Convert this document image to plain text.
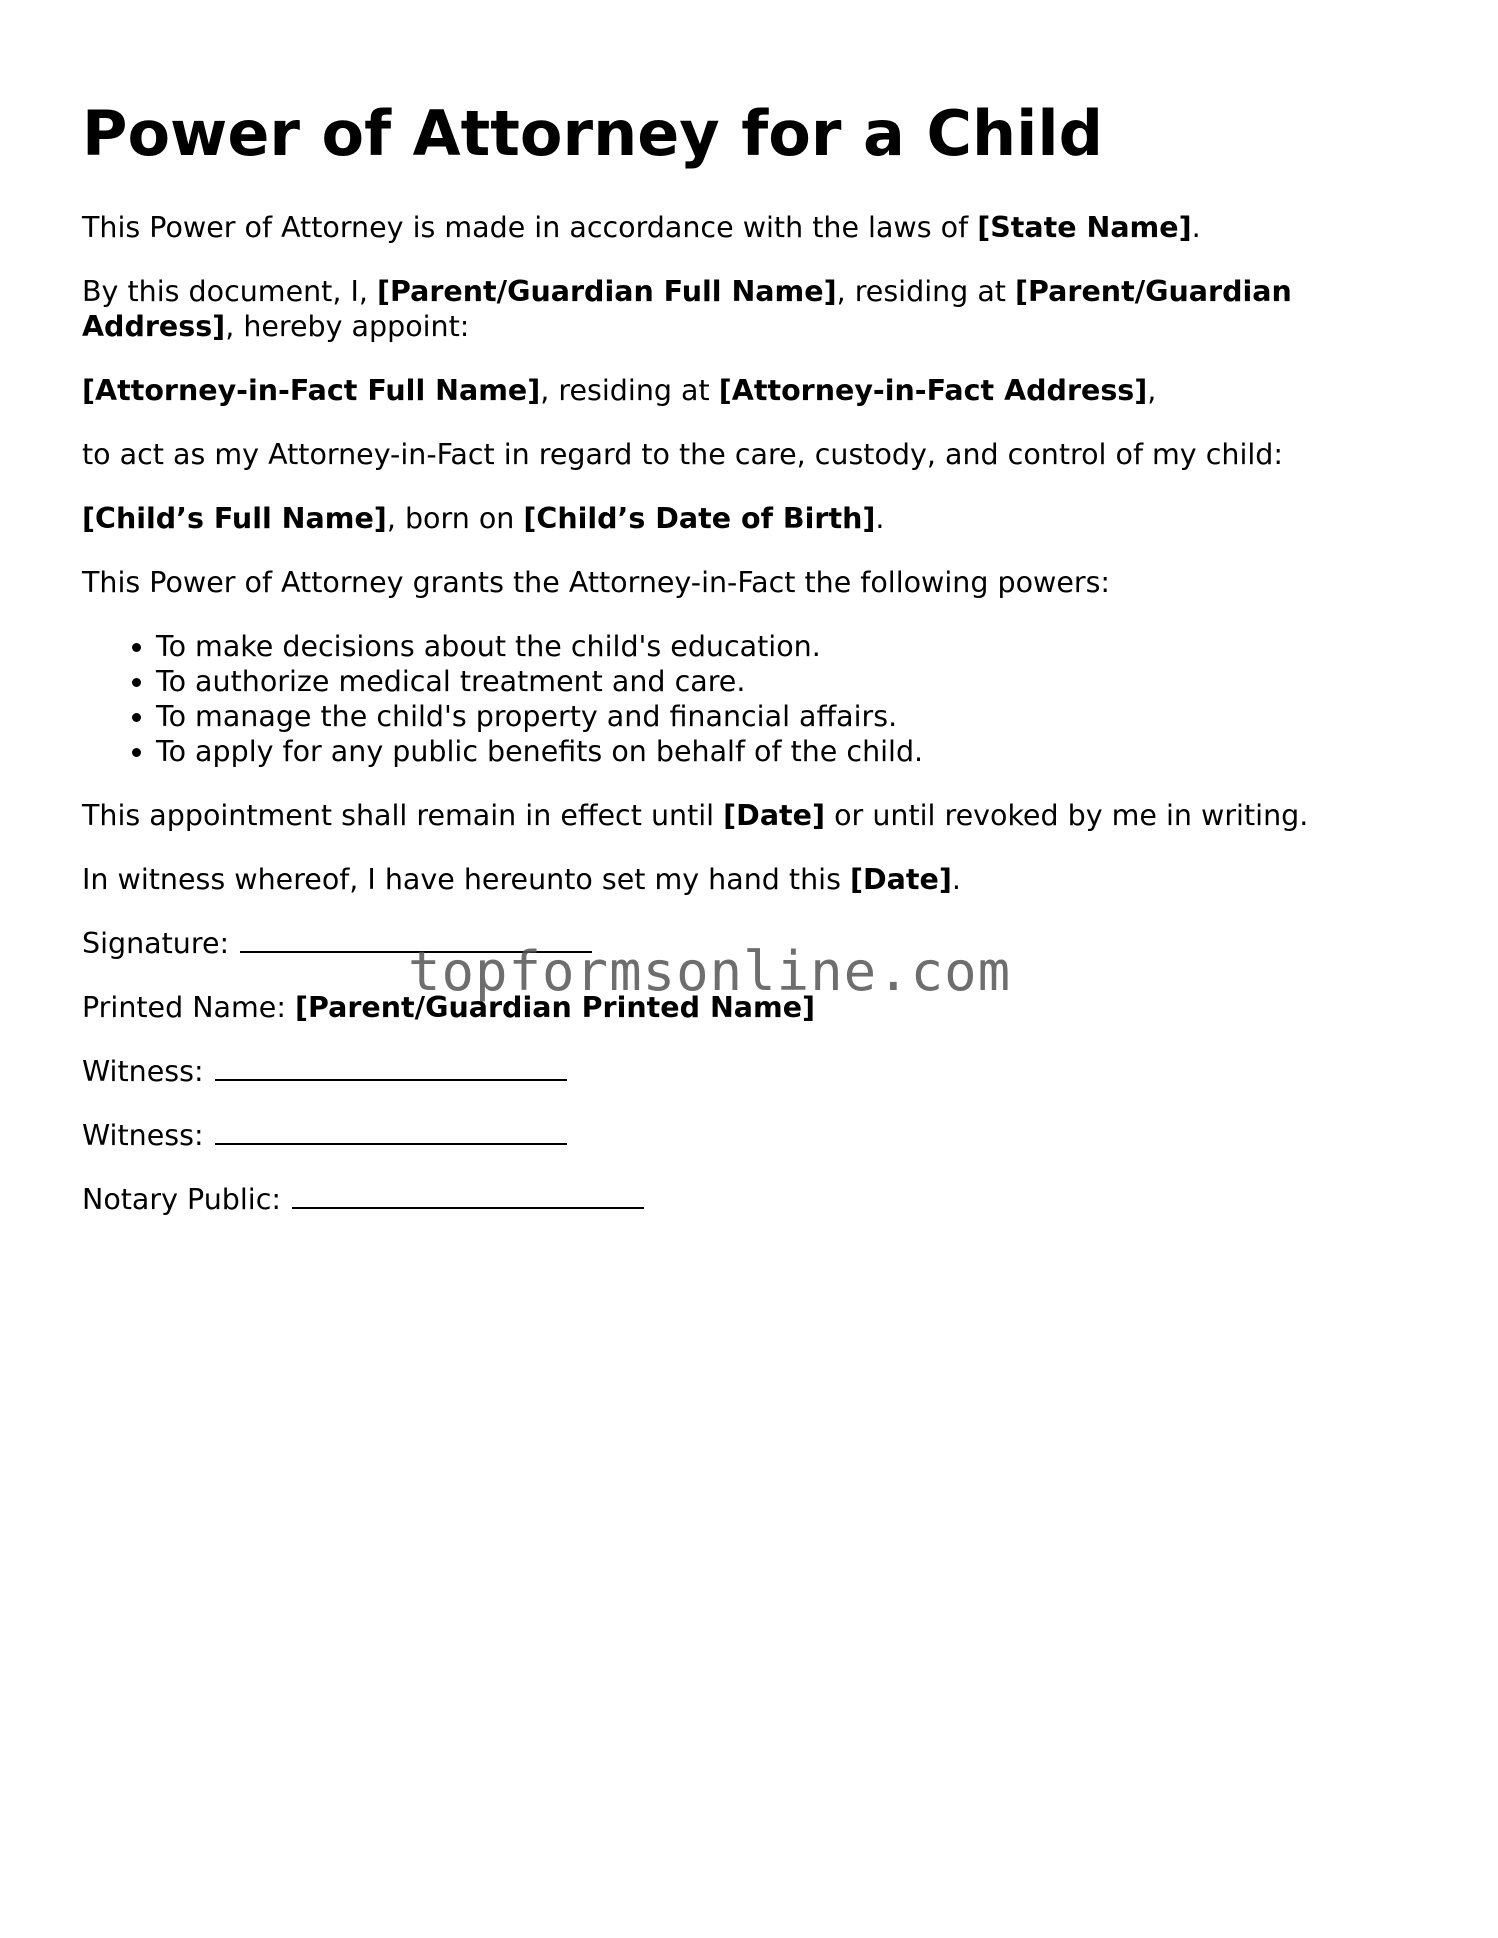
Power of Attorney for a Child

This Power of Attorney is made in accordance with the laws of [State Name].

By this document, I, [Parent/Guardian Full Name], residing at [Parent/Guardian Address], hereby appoint:

[Attorney-in-Fact Full Name], residing at [Attorney-in-Fact Address],

to act as my Attorney-in-Fact in regard to the care, custody, and control of my child:

[Child’s Full Name], born on [Child’s Date of Birth].

This Power of Attorney grants the Attorney-in-Fact the following powers:

• To make decisions about the child's education.
• To authorize medical treatment and care.
• To manage the child's property and financial affairs.
• To apply for any public benefits on behalf of the child.

This appointment shall remain in effect until [Date] or until revoked by me in writing.

In witness whereof, I have hereunto set my hand this [Date].

Signature:

Printed Name: [Parent/Guardian Printed Name]

Witness:

Witness:

Notary Public:

topformsonline.com
